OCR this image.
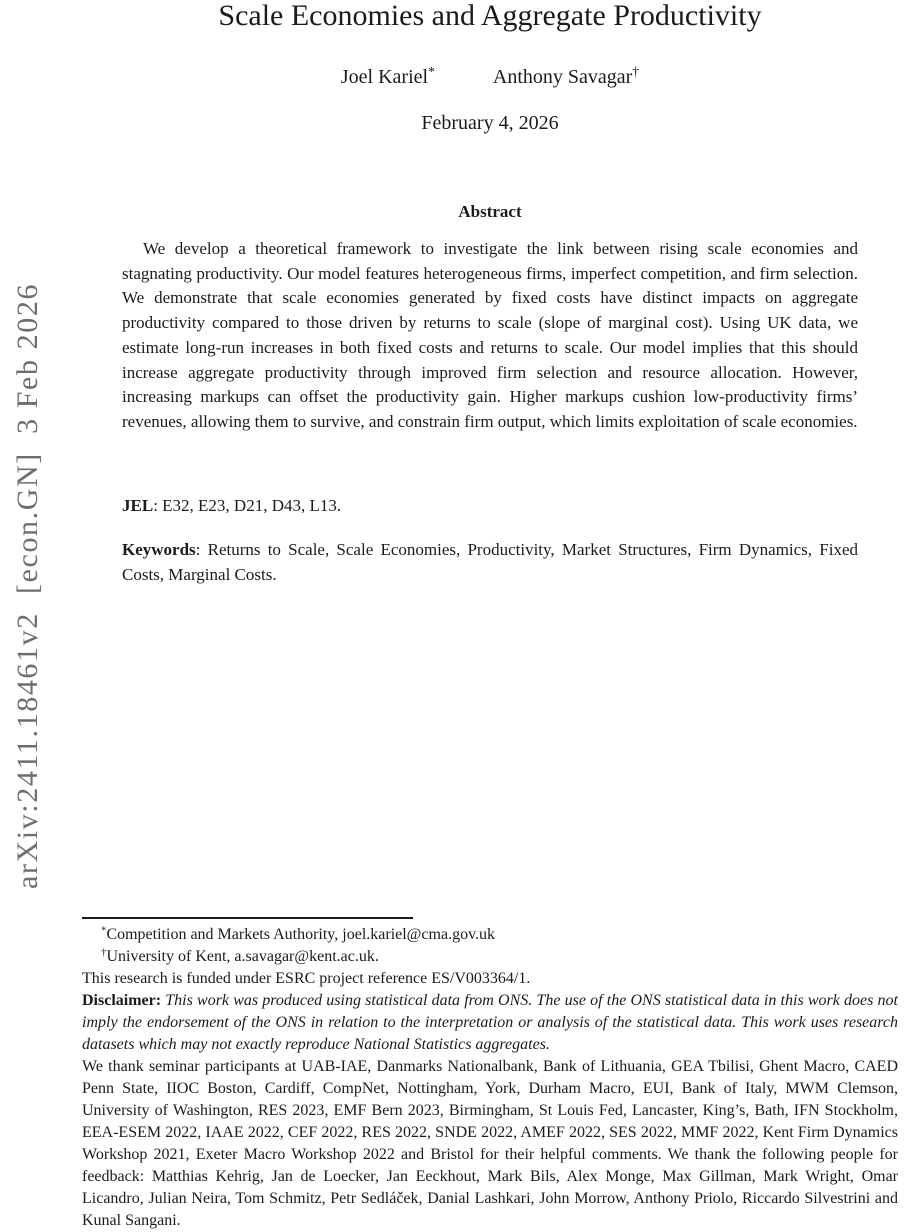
arXiv:2411.18461v2  [econ.GN]  3 Feb 2026
Scale Economies and Aggregate Productivity
Joel Kariel*	Anthony Savagar†
February 4, 2026

Abstract

We develop a theoretical framework to investigate the link between rising scale economies and stagnating productivity. Our model features heterogeneous firms, imperfect competition, and firm selection. We demonstrate that scale economies generated by fixed costs have distinct impacts on aggregate productivity compared to those driven by returns to scale (slope of marginal cost). Using UK data, we estimate long-run increases in both fixed costs and returns to scale. Our model implies that this should increase aggregate productivity through improved firm selection and resource allocation. However, increasing markups can offset the productivity gain. Higher markups cushion low-productivity firms’ revenues, allowing them to survive, and constrain firm output, which limits exploitation of scale economies.

JEL: E32, E23, D21, D43, L13.
Keywords: Returns to Scale, Scale Economies, Productivity, Market Structures, Firm Dynamics, Fixed Costs, Marginal Costs.

*Competition and Markets Authority, joel.kariel@cma.gov.uk

†University of Kent, a.savagar@kent.ac.uk.

This research is funded under ESRC project reference ES/V003364/1.

Disclaimer: This work was produced using statistical data from ONS. The use of the ONS statistical data in this work does not imply the endorsement of the ONS in relation to the interpretation or analysis of the statistical data. This work uses research datasets which may not exactly reproduce National Statistics aggregates.

We thank seminar participants at UAB-IAE, Danmarks Nationalbank, Bank of Lithuania, GEA Tbilisi, Ghent Macro, CAED Penn State, IIOC Boston, Cardiff, CompNet, Nottingham, York, Durham Macro, EUI, Bank of Italy, MWM Clemson, University of Washington, RES 2023, EMF Bern 2023, Birmingham, St Louis Fed, Lancaster, King’s, Bath, IFN Stockholm, EEA-ESEM 2022, IAAE 2022, CEF 2022, RES 2022, SNDE 2022, AMEF 2022, SES 2022, MMF 2022, Kent Firm Dynamics Workshop 2021, Exeter Macro Workshop 2022 and Bristol for their helpful comments. We thank the following people for feedback: Matthias Kehrig, Jan de Loecker, Jan Eeckhout, Mark Bils, Alex Monge, Max Gillman, Mark Wright, Omar Licandro, Julian Neira, Tom Schmitz, Petr Sedláček, Danial Lashkari, John Morrow, Anthony Priolo, Riccardo Silvestrini and Kunal Sangani.
